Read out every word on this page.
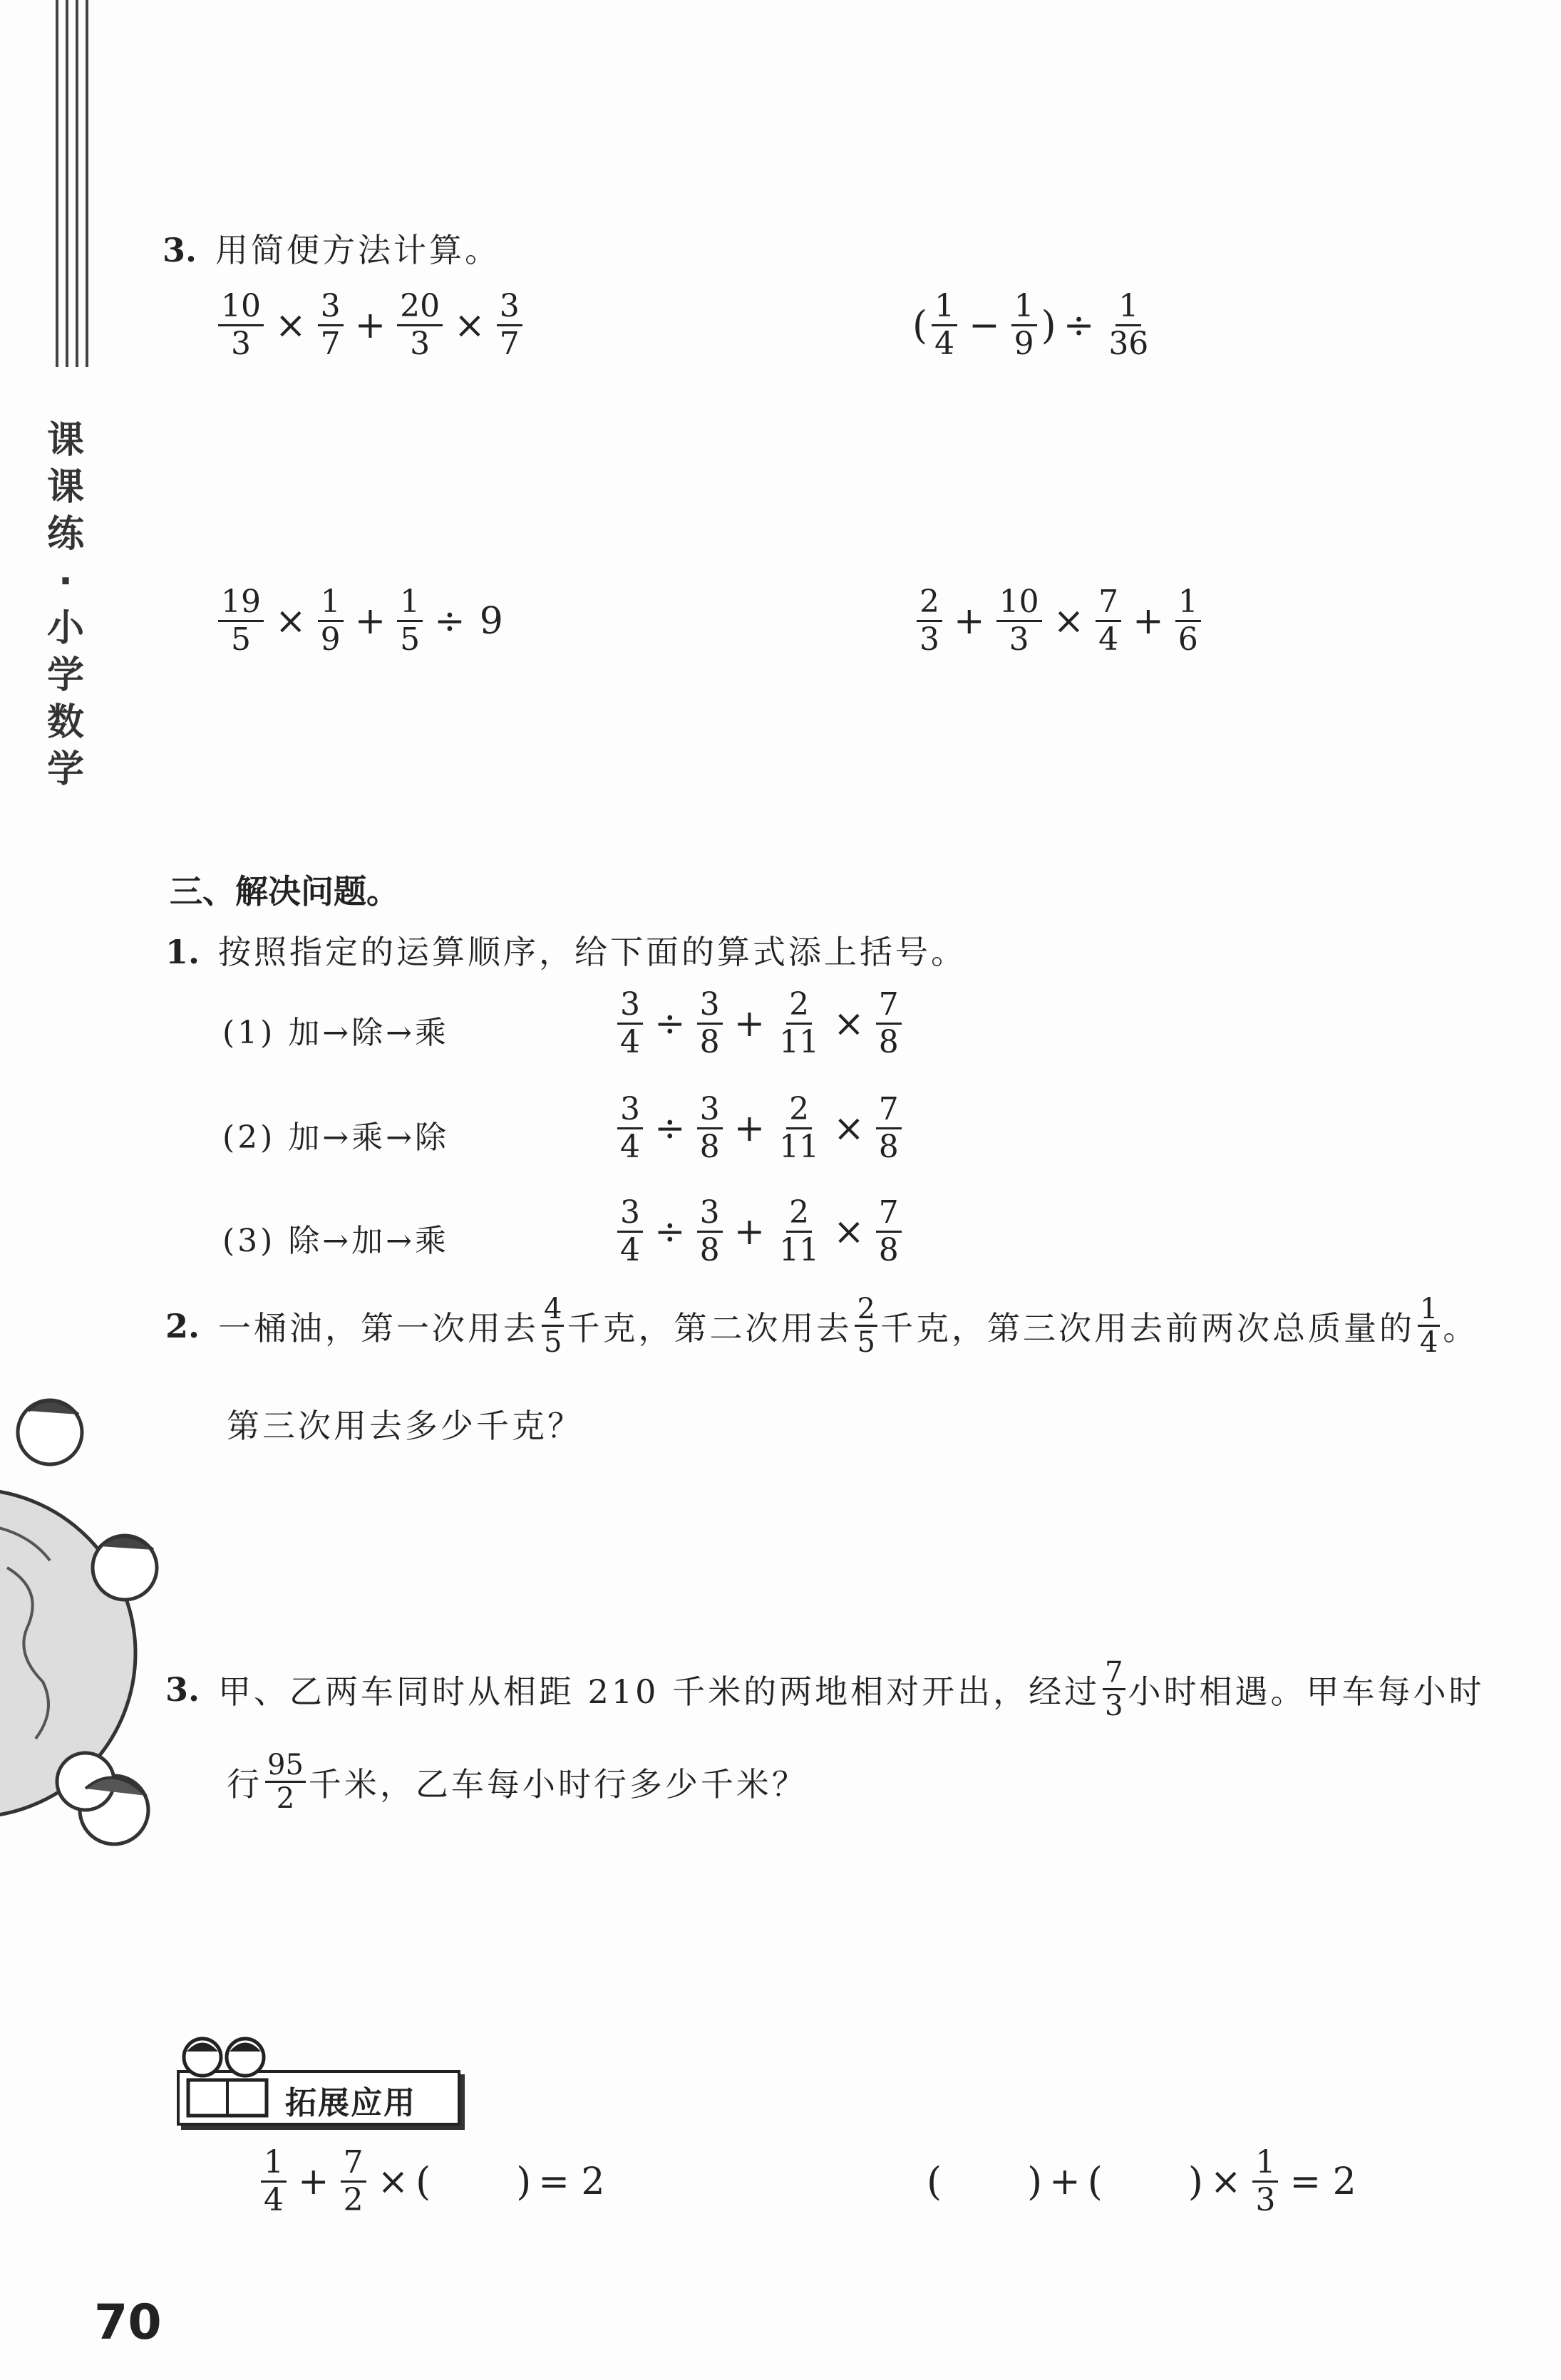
课
课
练
·
小
学
数
学
3. 用简便方法计算。
$\frac{10}{3} \times \frac{3}{7} + \frac{20}{3} \times \frac{3}{7}$	( $\frac{1}{4} - \frac{1}{9}$ ) ÷ $\frac{1}{36}$
$\frac{19}{5} \times \frac{1}{9} + \frac{1}{5} \div 9$	$\frac{2}{3} + \frac{10}{3} \times \frac{7}{4} + \frac{1}{6}$
三、解决问题。
1. 按照指定的运算顺序，给下面的算式添上括号。
(1) 加→除→乘	$\frac{3}{4} \div \frac{3}{8} + \frac{2}{11} \times \frac{7}{8}$
(2) 加→乘→除	$\frac{3}{4} \div \frac{3}{8} + \frac{2}{11} \times \frac{7}{8}$
(3) 除→加→乘	$\frac{3}{4} \div \frac{3}{8} + \frac{2}{11} \times \frac{7}{8}$
2. 一桶油，第一次用去 4
5 千克，第二次用去 2
5 千克，第三次用去前两次总质量的 1
4 。
第三次用去多少千克？
3. 甲、乙两车同时从相距 210 千米的两地相对开出，经过 7
3 小时相遇。甲车每小时
行 95
2 千米，乙车每小时行多少千米？
拓展应用
$\frac{1}{4} + \frac{7}{2}$ × ( ) = 2	( ) + ( ) × $\frac{1}{3} = 2$
70
